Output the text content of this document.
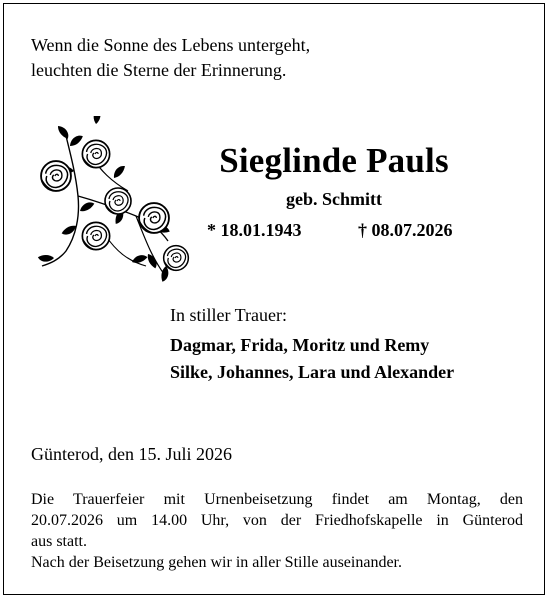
Wenn die Sonne des Lebens untergeht,
leuchten die Sterne der Erinnerung.
Sieglinde Pauls
geb. Schmitt
* 18.01.1943	† 08.07.2026
In stiller Trauer:
Dagmar, Frida, Moritz und Remy
Silke, Johannes, Lara und Alexander
Günterod, den 15. Juli 2026
Die Trauerfeier mit Urnenbeisetzung findet am Montag, den
20.07.2026 um 14.00 Uhr, von der Friedhofskapelle in Günterod
aus statt.
Nach der Beisetzung gehen wir in aller Stille auseinander.
